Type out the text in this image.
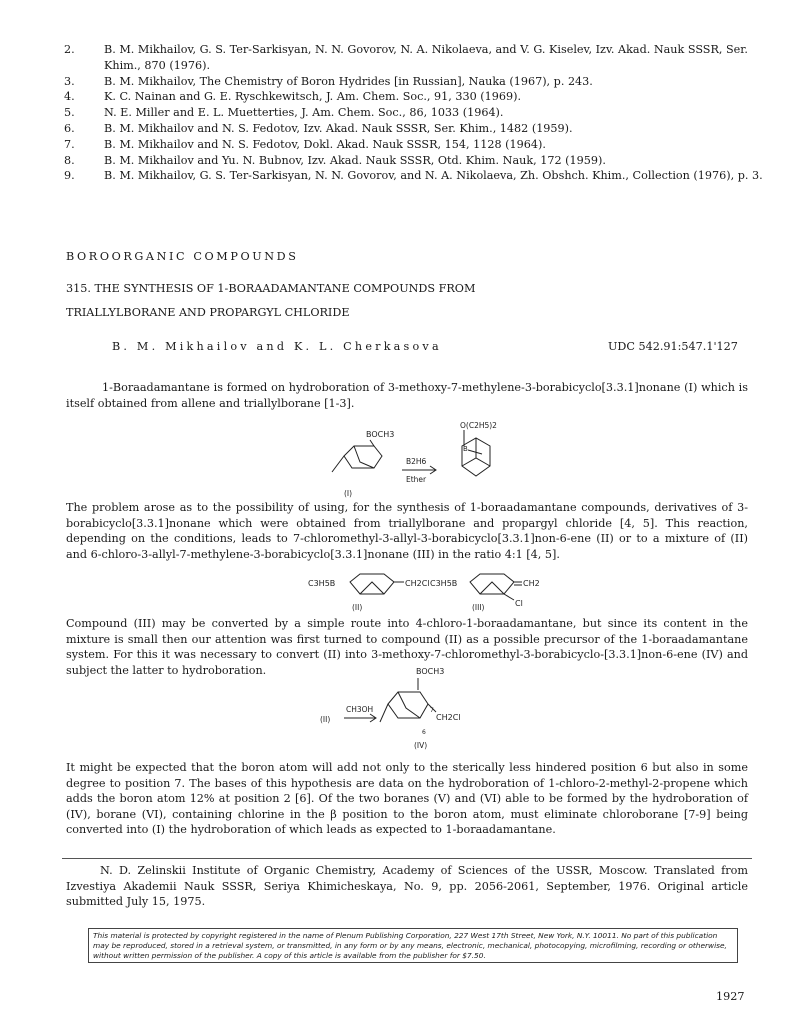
2.	B. M. Mikhailov, G. S. Ter-Sarkisyan, N. N. Govorov, N. A. Nikolaeva, and V. G. Kiselev, Izv. Akad. Nauk SSSR, Ser. Khim., 870 (1976).
3.	B. M. Mikhailov, The Chemistry of Boron Hydrides [in Russian], Nauka (1967), p. 243.
4.	K. C. Nainan and G. E. Ryschkewitsch, J. Am. Chem. Soc., 91, 330 (1969).
5.	N. E. Miller and E. L. Muetterties, J. Am. Chem. Soc., 86, 1033 (1964).
6.	B. M. Mikhailov and N. S. Fedotov, Izv. Akad. Nauk SSSR, Ser. Khim., 1482 (1959).
7.	B. M. Mikhailov and N. S. Fedotov, Dokl. Akad. Nauk SSSR, 154, 1128 (1964).
8.	B. M. Mikhailov and Yu. N. Bubnov, Izv. Akad. Nauk SSSR, Otd. Khim. Nauk, 172 (1959).
9.	B. M. Mikhailov, G. S. Ter-Sarkisyan, N. N. Govorov, and N. A. Nikolaeva, Zh. Obshch. Khim., Collection (1976), p. 3.
BOROORGANIC COMPOUNDS
315. THE SYNTHESIS OF 1-BORAADAMANTANE COMPOUNDS FROM
TRIALLYLBORANE AND PROPARGYL CHLORIDE
B. M. Mikhailov and K. L. Cherkasova	UDC 542.91:547.1'127
1-Boraadamantane is formed on hydroboration of 3-methoxy-7-methylene-3-borabicyclo[3.3.1]nonane (I) which is itself obtained from allene and triallylborane [1-3].
BOCH3
B2H6
Ether
O(C2H5)2
B
(I)
The problem arose as to the possibility of using, for the synthesis of 1-boraadamantane compounds, derivatives of 3-borabicyclo[3.3.1]nonane which were obtained from triallylborane and propargyl chloride [4, 5]. This reaction, depending on the conditions, leads to 7-chloromethyl-3-allyl-3-borabicyclo[3.3.1]non-6-ene (II) or to a mixture of (II) and 6-chloro-3-allyl-7-methylene-3-borabicyclo[3.3.1]nonane (III) in the ratio 4:1 [4, 5].
C3H5B	CH2Cl
(II)
C3H5B	CH2
Cl
(III)
Compound (III) may be converted by a simple route into 4-chloro-1-boraadamantane, but since its content in the mixture is small then our attention was first turned to compound (II) as a possible precursor of the 1-boraadamantane system. For this it was necessary to convert (II) into 3-methoxy-7-chloromethyl-3-borabicyclo-[3.3.1]non-6-ene (IV) and subject the latter to hydroboration.
(II)
CH3OH
BOCH3
CH2Cl
6
7
(IV)
It might be expected that the boron atom will add not only to the sterically less hindered position 6 but also in some degree to position 7. The bases of this hypothesis are data on the hydroboration of 1-chloro-2-methyl-2-propene which adds the boron atom 12% at position 2 [6]. Of the two boranes (V) and (VI) able to be formed by the hydroboration of (IV), borane (VI), containing chlorine in the β position to the boron atom, must eliminate chloroborane [7-9] being converted into (I) the hydroboration of which leads as expected to 1-boraadamantane.
N. D. Zelinskii Institute of Organic Chemistry, Academy of Sciences of the USSR, Moscow. Translated from Izvestiya Akademii Nauk SSSR, Seriya Khimicheskaya, No. 9, pp. 2056-2061, September, 1976. Original article submitted July 15, 1975.
This material is protected by copyright registered in the name of Plenum Publishing Corporation, 227 West 17th Street, New York, N.Y. 10011. No part of this publication may be reproduced, stored in a retrieval system, or transmitted, in any form or by any means, electronic, mechanical, photocopying, microfilming, recording or otherwise, without written permission of the publisher. A copy of this article is available from the publisher for $7.50.
1927
